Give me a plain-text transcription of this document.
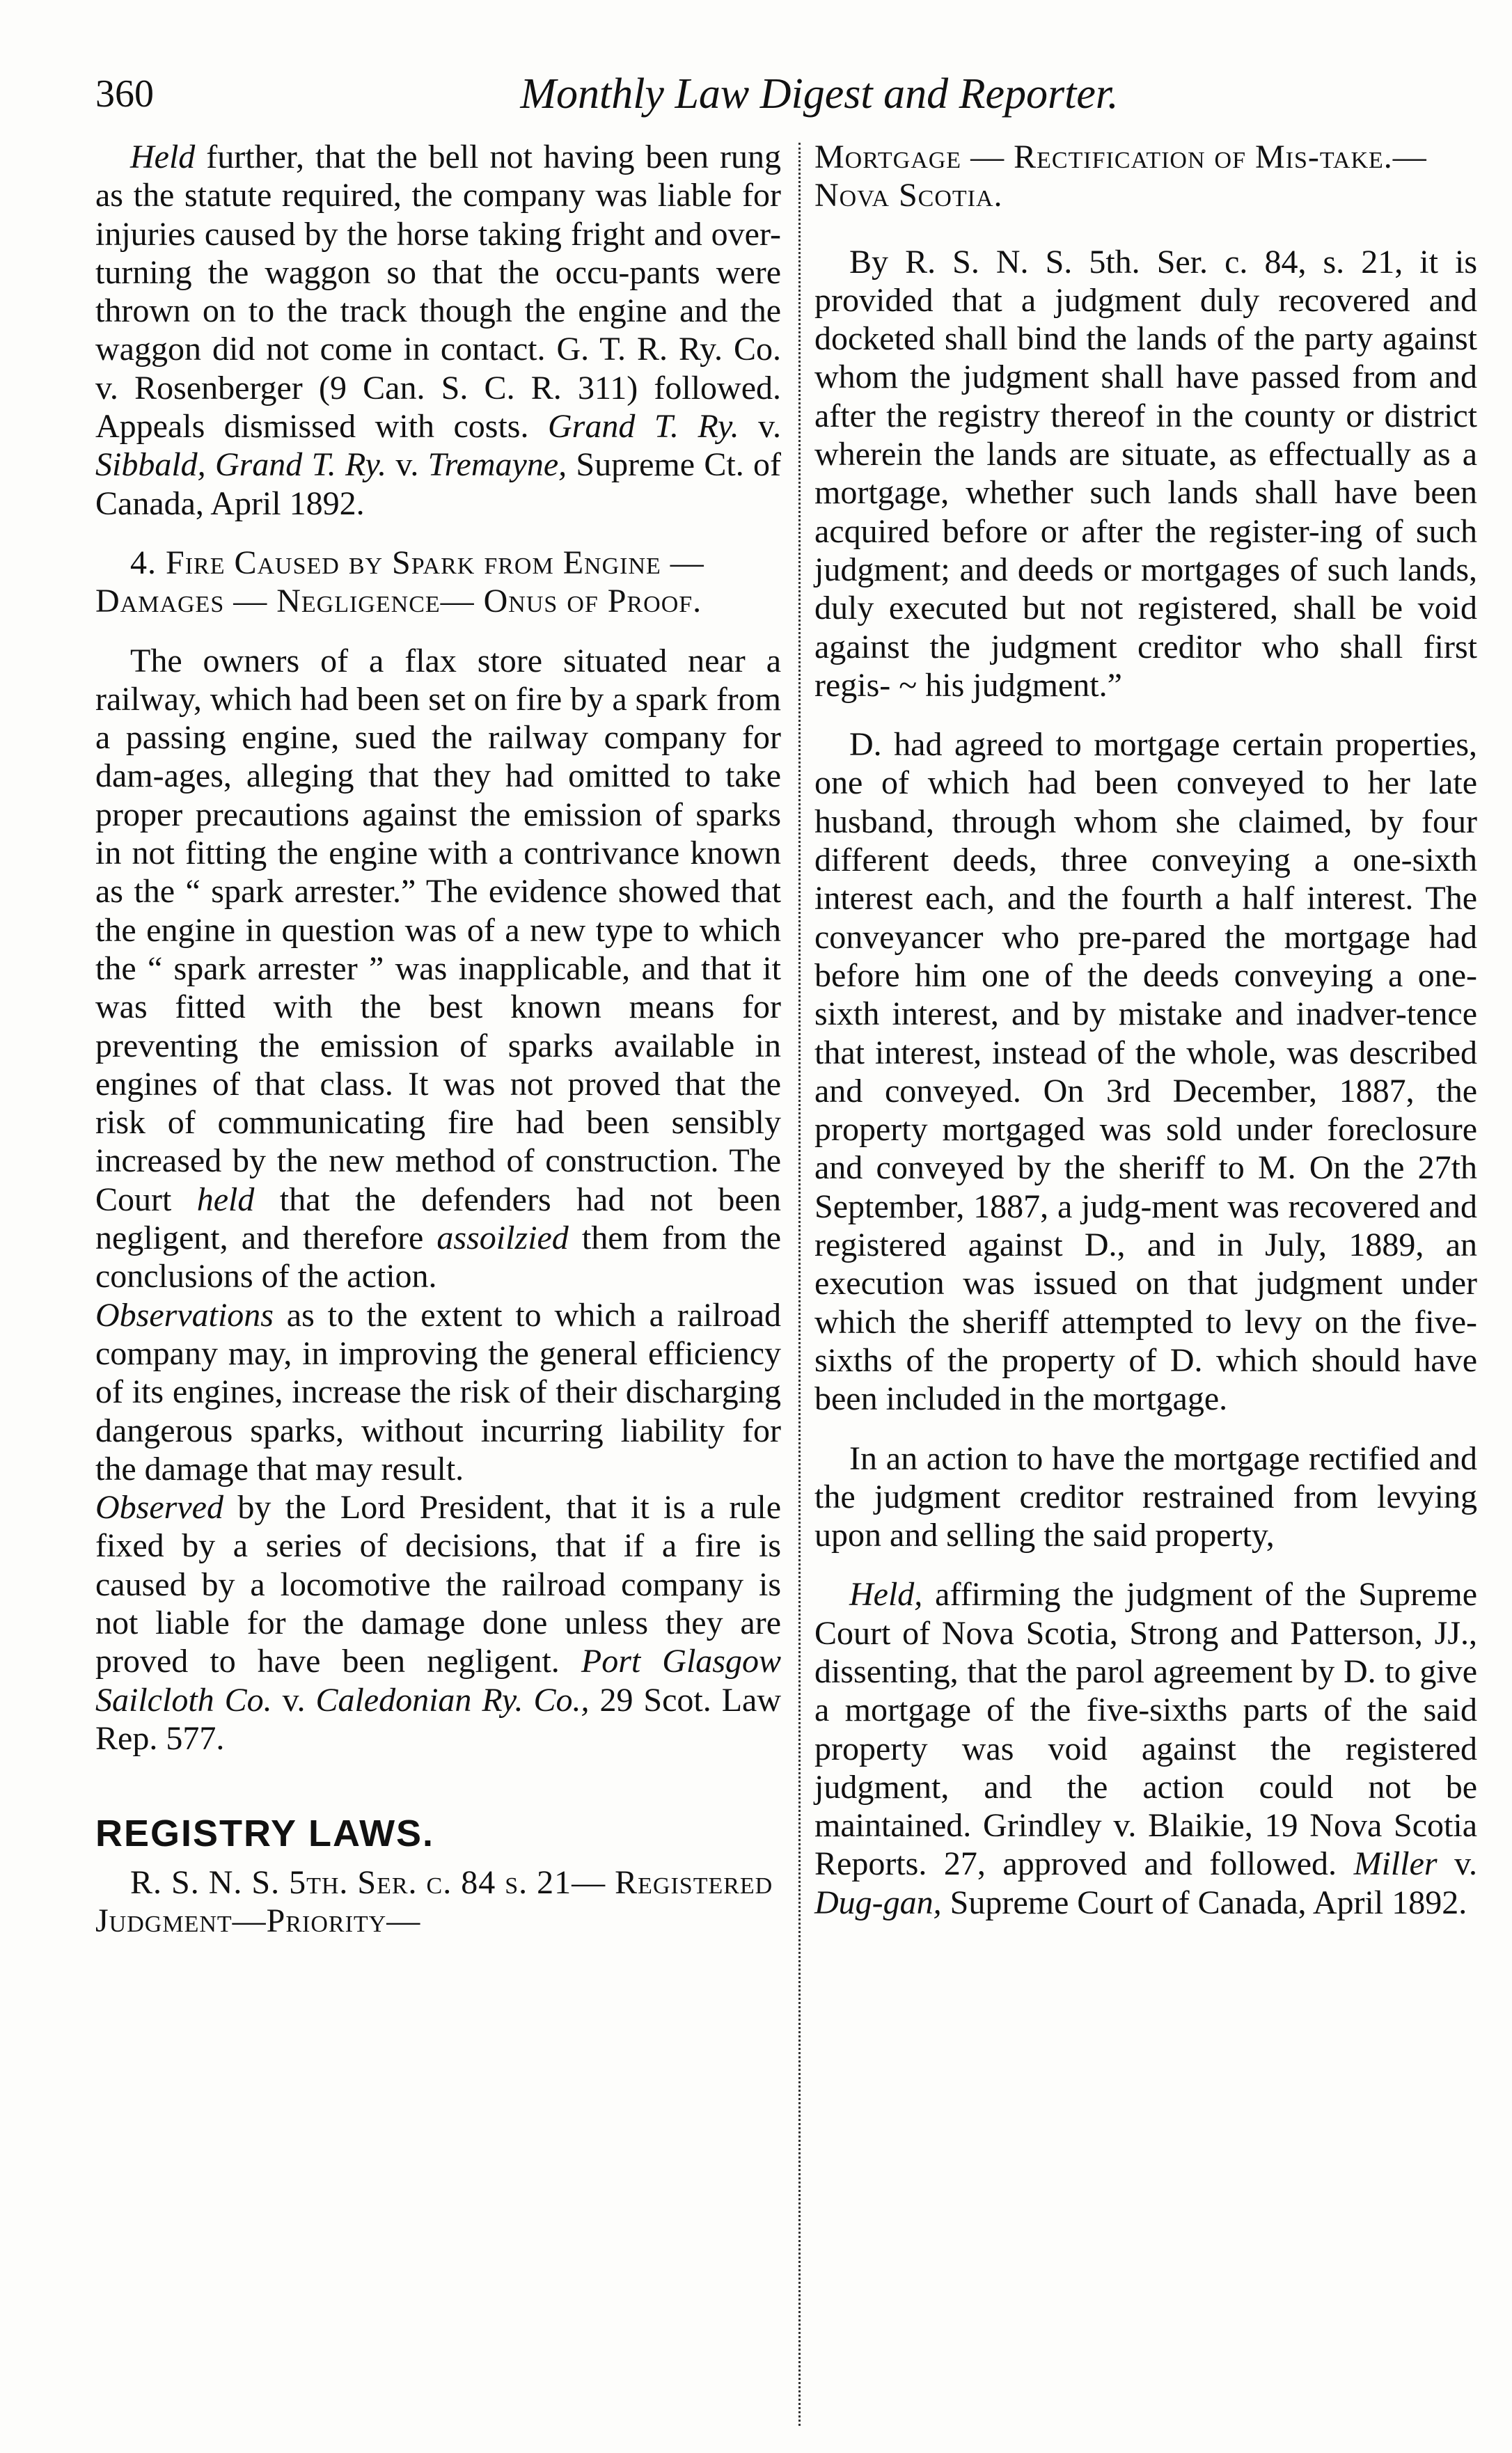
360	Monthly Law Digest and Reporter.

Held further, that the bell not having been rung as the statute required, the company was liable for injuries caused by the horse taking fright and over-turning the waggon so that the occu-pants were thrown on to the track though the engine and the waggon did not come in contact. G. T. R. Ry. Co. v. Rosenberger (9 Can. S. C. R. 311) followed. Appeals dismissed with costs. Grand T. Ry. v. Sibbald, Grand T. Ry. v. Tremayne, Supreme Ct. of Canada, April 1892.

4. Fire Caused by Spark from Engine — Damages — Negligence— Onus of Proof.

The owners of a flax store situated near a railway, which had been set on fire by a spark from a passing engine, sued the railway company for dam-ages, alleging that they had omitted to take proper precautions against the emission of sparks in not fitting the engine with a contrivance known as the “ spark arrester.” The evidence showed that the engine in question was of a new type to which the “ spark arrester ” was inapplicable, and that it was fitted with the best known means for preventing the emission of sparks available in engines of that class. It was not proved that the risk of communicating fire had been sensibly increased by the new method of construction. The Court held that the defenders had not been negligent, and therefore assoilzied them from the conclusions of the action.

Observations as to the extent to which a railroad company may, in improving the general efficiency of its engines, increase the risk of their discharging dangerous sparks, without incurring liability for the damage that may result.

Observed by the Lord President, that it is a rule fixed by a series of decisions, that if a fire is caused by a locomotive the railroad company is not liable for the damage done unless they are proved to have been negligent. Port Glasgow Sailcloth Co. v. Caledonian Ry. Co., 29 Scot. Law Rep. 577.

REGISTRY LAWS.

R. S. N. S. 5th. Ser. c. 84 s. 21— Registered Judgment—Priority—

Mortgage — Rectification of Mis-take.—Nova Scotia.

By R. S. N. S. 5th. Ser. c. 84, s. 21, it is provided that a judgment duly recovered and docketed shall bind the lands of the party against whom the judgment shall have passed from and after the registry thereof in the county or district wherein the lands are situate, as effectually as a mortgage, whether such lands shall have been acquired before or after the register-ing of such judgment; and deeds or mortgages of such lands, duly executed but not registered, shall be void against the judgment creditor who shall first regis- ~ his judgment.”

D. had agreed to mortgage certain properties, one of which had been conveyed to her late husband, through whom she claimed, by four different deeds, three conveying a one-sixth interest each, and the fourth a half interest. The conveyancer who pre-pared the mortgage had before him one of the deeds conveying a one-sixth interest, and by mistake and inadver-tence that interest, instead of the whole, was described and conveyed. On 3rd December, 1887, the property mortgaged was sold under foreclosure and conveyed by the sheriff to M. On the 27th September, 1887, a judg-ment was recovered and registered against D., and in July, 1889, an execution was issued on that judgment under which the sheriff attempted to levy on the five-sixths of the property of D. which should have been included in the mortgage.

In an action to have the mortgage rectified and the judgment creditor restrained from levying upon and selling the said property,

Held, affirming the judgment of the Supreme Court of Nova Scotia, Strong and Patterson, JJ., dissenting, that the parol agreement by D. to give a mortgage of the five-sixths parts of the said property was void against the registered judgment, and the action could not be maintained. Grindley v. Blaikie, 19 Nova Scotia Reports. 27, approved and followed. Miller v. Dug-gan, Supreme Court of Canada, April 1892.
